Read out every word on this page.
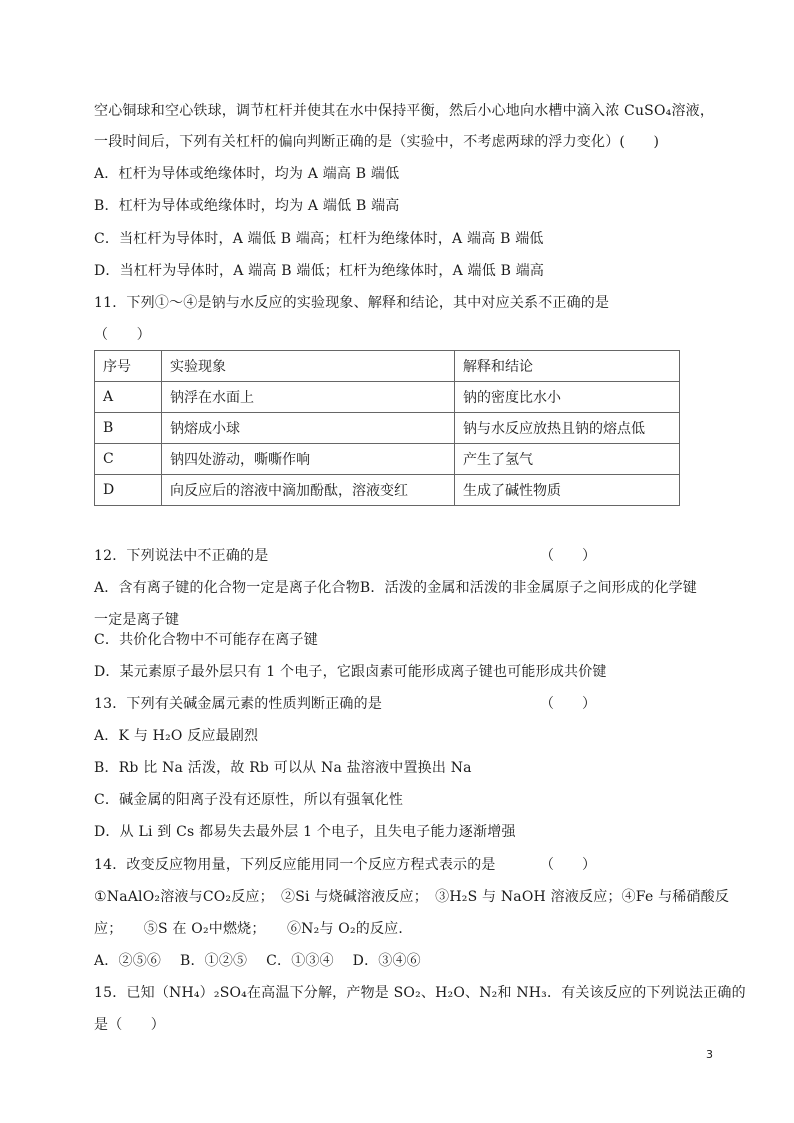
空心铜球和空心铁球，调节杠杆并使其在水中保持平衡，然后小心地向水槽中滴入浓 CuSO₄溶液，
一段时间后，下列有关杠杆的偏向判断正确的是（实验中，不考虑两球的浮力变化）(　　)
A．杠杆为导体或绝缘体时，均为 A 端高 B 端低
B．杠杆为导体或绝缘体时，均为 A 端低 B 端高
C．当杠杆为导体时，A 端低 B 端高；杠杆为绝缘体时，A 端高 B 端低
D．当杠杆为导体时，A 端高 B 端低；杠杆为绝缘体时，A 端低 B 端高
11．下列①～④是钠与水反应的实验现象、解释和结论，其中对应关系不正确的是
（　　）
序号	实验现象	解释和结论
A	钠浮在水面上	钠的密度比水小
B	钠熔成小球	钠与水反应放热且钠的熔点低
C	钠四处游动，嘶嘶作响	产生了氢气
D	向反应后的溶液中滴加酚酞，溶液变红	生成了碱性物质
12．下列说法中不正确的是	（　　）
A．含有离子键的化合物一定是离子化合物B．活泼的金属和活泼的非金属原子之间形成的化学键一定是离子键
C．共价化合物中不可能存在离子键
D．某元素原子最外层只有 1 个电子，它跟卤素可能形成离子键也可能形成共价键
13．下列有关碱金属元素的性质判断正确的是	（　　）
A．K 与 H₂O 反应最剧烈
B．Rb 比 Na 活泼，故 Rb 可以从 Na 盐溶液中置换出 Na
C．碱金属的阳离子没有还原性，所以有强氧化性
D．从 Li 到 Cs 都易失去最外层 1 个电子，且失电子能力逐渐增强
14．改变反应物用量，下列反应能用同一个反应方程式表示的是	（　　）
①NaAlO₂溶液与CO₂反应；　②Si 与烧碱溶液反应；　③H₂S 与 NaOH 溶液反应；④Fe 与稀硝酸反
应；　　⑤S 在 O₂中燃烧；　　⑥N₂与 O₂的反应．
A．②⑤⑥　 B．①②⑤　 C．①③④　 D．③④⑥
15．已知（NH₄）₂SO₄在高温下分解，产物是 SO₂、H₂O、N₂和 NH₃．有关该反应的下列说法正确的
是（　　）
3
